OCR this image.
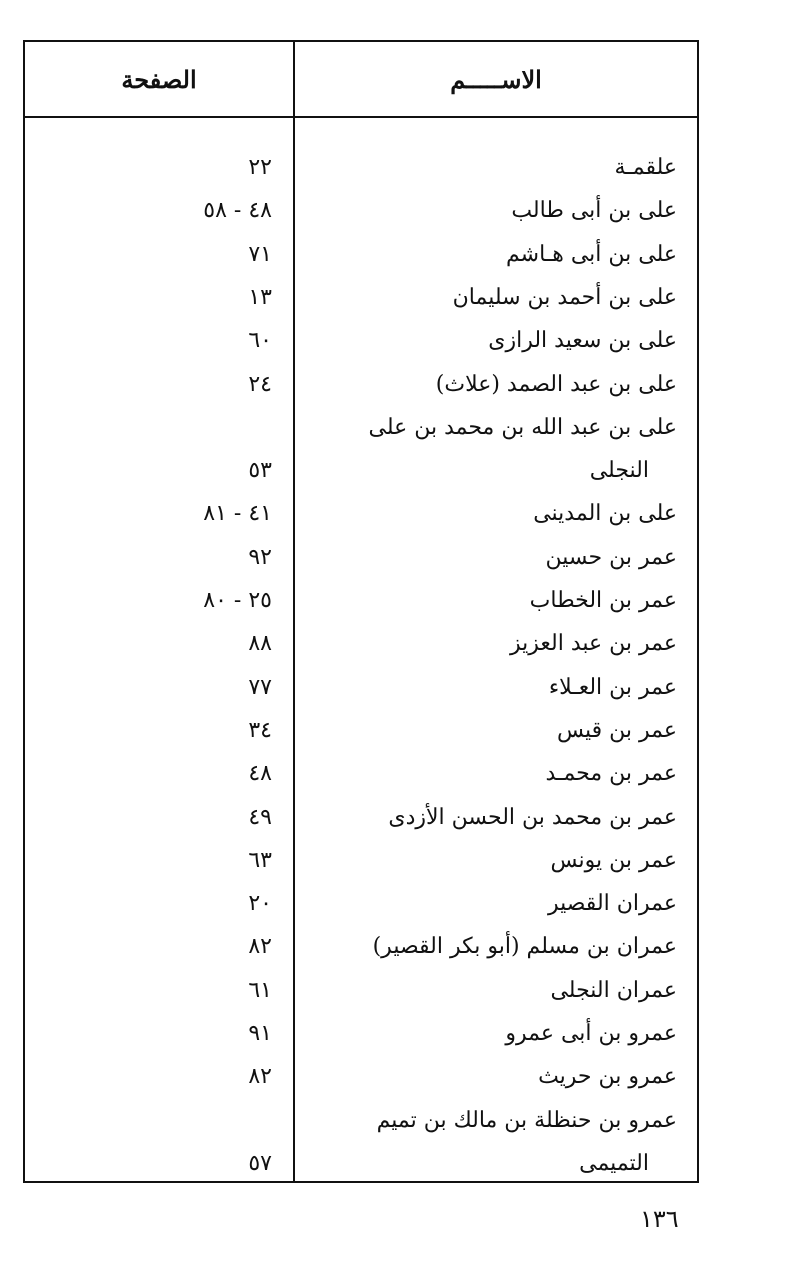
الاســـــم
الصفحة
علقمـة
٢٢
على بن أبى طالب
٤٨ - ٥٨
على بن أبى هـاشم
٧١
على بن أحمد بن سليمان
١٣
على بن سعيد الرازى
٦٠
على بن عبد الصمد (علاث)
٢٤
على بن عبد الله بن محمد بن على
النجلى
٥٣
على بن المدينى
٤١ - ٨١
عمر بن حسين
٩٢
عمر بن الخطاب
٢٥ - ٨٠
عمر بن عبد العزيز
٨٨
عمر بن العـلاء
٧٧
عمر بن قيس
٣٤
عمر بن محمـد
٤٨
عمر بن محمد بن الحسن الأزدى
٤٩
عمر بن يونس
٦٣
عمران القصير
٢٠
عمران بن مسلم (أبو بكر القصير)
٨٢
عمران النجلى
٦١
عمرو بن أبى عمرو
٩١
عمرو بن حريث
٨٢
عمرو بن حنظلة بن مالك بن تميم
التميمى
٥٧
١٣٦
